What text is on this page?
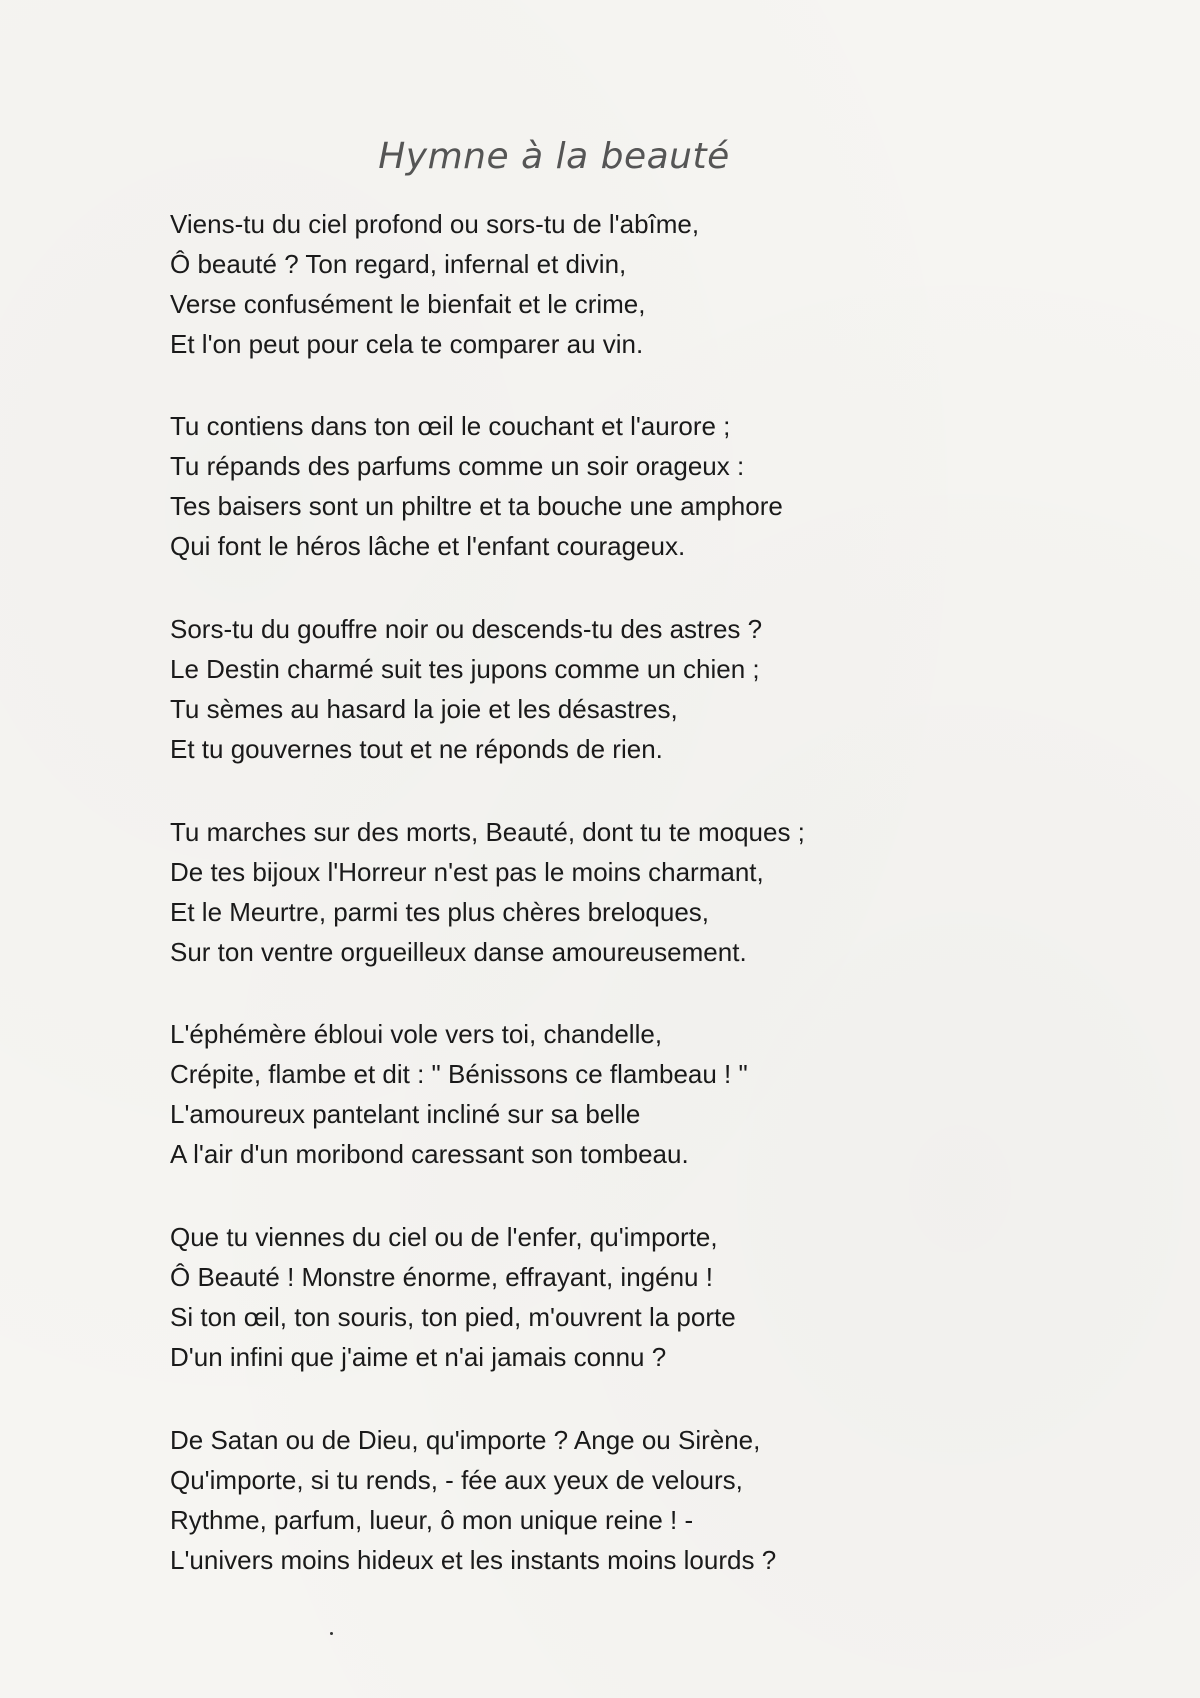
Hymne à la beauté
Viens-tu du ciel profond ou sors-tu de l'abîme,
Ô beauté ? Ton regard, infernal et divin,
Verse confusément le bienfait et le crime,
Et l'on peut pour cela te comparer au vin.
Tu contiens dans ton œil le couchant et l'aurore ;
Tu répands des parfums comme un soir orageux :
Tes baisers sont un philtre et ta bouche une amphore
Qui font le héros lâche et l'enfant courageux.
Sors-tu du gouffre noir ou descends-tu des astres ?
Le Destin charmé suit tes jupons comme un chien ;
Tu sèmes au hasard la joie et les désastres,
Et tu gouvernes tout et ne réponds de rien.
Tu marches sur des morts, Beauté, dont tu te moques ;
De tes bijoux l'Horreur n'est pas le moins charmant,
Et le Meurtre, parmi tes plus chères breloques,
Sur ton ventre orgueilleux danse amoureusement.
L'éphémère ébloui vole vers toi, chandelle,
Crépite, flambe et dit : " Bénissons ce flambeau ! "
L'amoureux pantelant incliné sur sa belle
A l'air d'un moribond caressant son tombeau.
Que tu viennes du ciel ou de l'enfer, qu'importe,
Ô Beauté ! Monstre énorme, effrayant, ingénu !
Si ton œil, ton souris, ton pied, m'ouvrent la porte
D'un infini que j'aime et n'ai jamais connu ?
De Satan ou de Dieu, qu'importe ? Ange ou Sirène,
Qu'importe, si tu rends, - fée aux yeux de velours,
Rythme, parfum, lueur, ô mon unique reine ! -
L'univers moins hideux et les instants moins lourds ?
